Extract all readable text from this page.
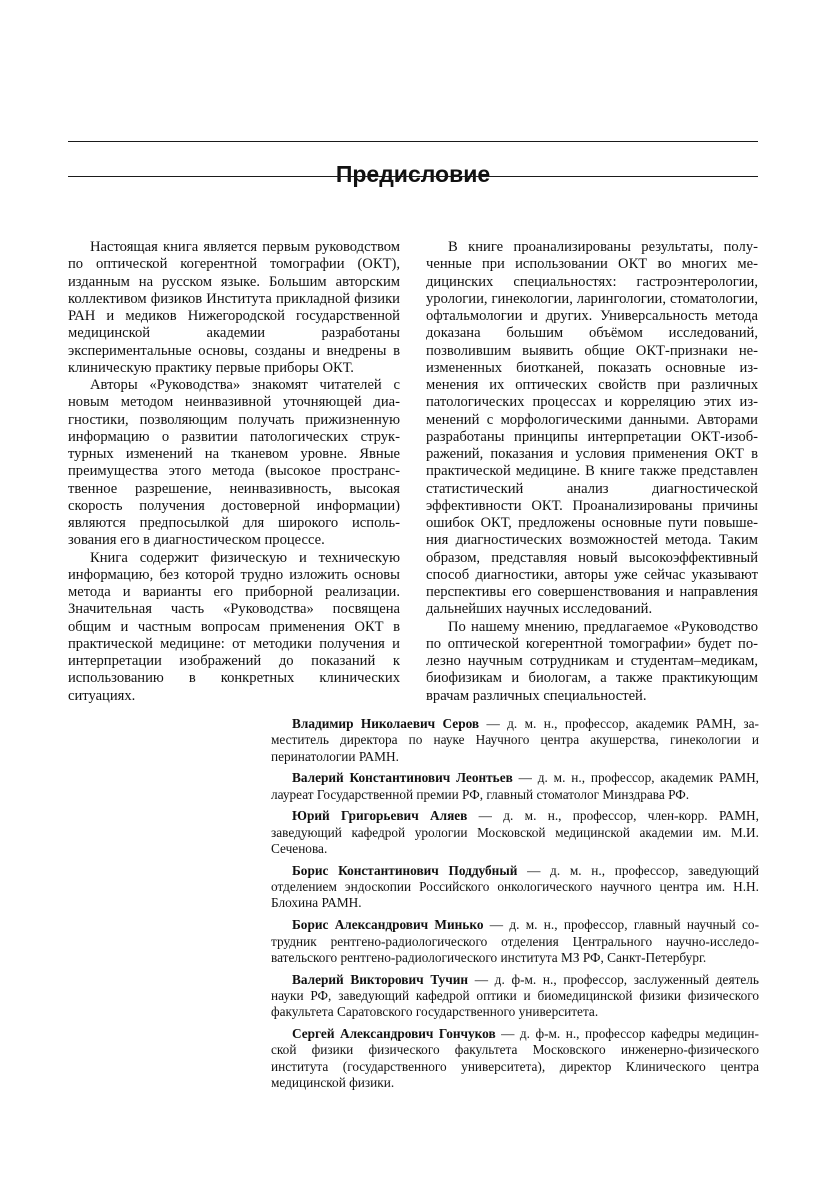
Предисловие

Настоящая книга является первым руководством по оптической когерентной томографии (ОКТ), изданным на русском языке. Большим авторским коллективом физиков Института прикладной физики РАН и медиков Нижегородской государственной медицинской академии разработаны экспериментальные основы, созданы и внедрены в клиническую практику первые приборы ОКТ.

Авторы «Руководства» знакомят читателей с новым методом неинвазивной уточняющей диагностики, позволяющим получать прижизненную информацию о развитии патологических структурных изменений на тканевом уровне. Явные преимущества этого метода (высокое пространственное разрешение, неинвазивность, высокая скорость получения достоверной информации) являются предпосылкой для широкого использования его в диагностическом процессе.

Книга содержит физическую и техническую информацию, без которой трудно изложить основы метода и варианты его приборной реализации. Значительная часть «Руководства» посвящена общим и частным вопросам применения ОКТ в практической медицине: от методики получения и интерпретации изображений до показаний к использованию в конкретных клинических ситуациях.

В книге проанализированы результаты, полученные при использовании ОКТ во многих медицинских специальностях: гастроэнтерологии, урологии, гинекологии, ларингологии, стоматологии, офтальмологии и других. Универсальность метода доказана большим объёмом исследований, позволившим выявить общие ОКТ-признаки неизмененных биотканей, показать основные изменения их оптических свойств при различных патологических процессах и корреляцию этих изменений с морфологическими данными. Авторами разработаны принципы интерпретации ОКТ-изображений, показания и условия применения ОКТ в практической медицине. В книге также представлен статистический анализ диагностической эффективности ОКТ. Проанализированы причины ошибок ОКТ, предложены основные пути повышения диагностических возможностей метода. Таким образом, представляя новый высокоэффективный способ диагностики, авторы уже сейчас указывают перспективы его совершенствования и направления дальнейших научных исследований.

По нашему мнению, предлагаемое «Руководство по оптической когерентной томографии» будет полезно научным сотрудникам и студентам–медикам, биофизикам и биологам, а также практикующим врачам различных специальностей.

Владимир Николаевич Серов — д. м. н., профессор, академик РАМН, заместитель директора по науке Научного центра акушерства, гинекологии и перинатологии РАМН.

Валерий Константинович Леонтьев — д. м. н., профессор, академик РАМН, лауреат Государственной премии РФ, главный стоматолог Минздрава РФ.

Юрий Григорьевич Аляев — д. м. н., профессор, член-корр. РАМН, заведующий кафедрой урологии Московской медицинской академии им. М.И. Сеченова.

Борис Константинович Поддубный — д. м. н., профессор, заведующий отделением эндоскопии Российского онкологического научного центра им. Н.Н. Блохина РАМН.

Борис Александрович Минько — д. м. н., профессор, главный научный сотрудник рентгено-радиологического отделения Центрального научно-исследовательского рентгено-радиологического института МЗ РФ, Санкт-Петербург.

Валерий Викторович Тучин — д. ф-м. н., профессор, заслуженный деятель науки РФ, заведующий кафедрой оптики и биомедицинской физики физического факультета Саратовского государственного университета.

Сергей Александрович Гончуков — д. ф-м. н., профессор кафедры медицинской физики физического факультета Московского инженерно-физического института (государственного университета), директор Клинического центра медицинской физики.
